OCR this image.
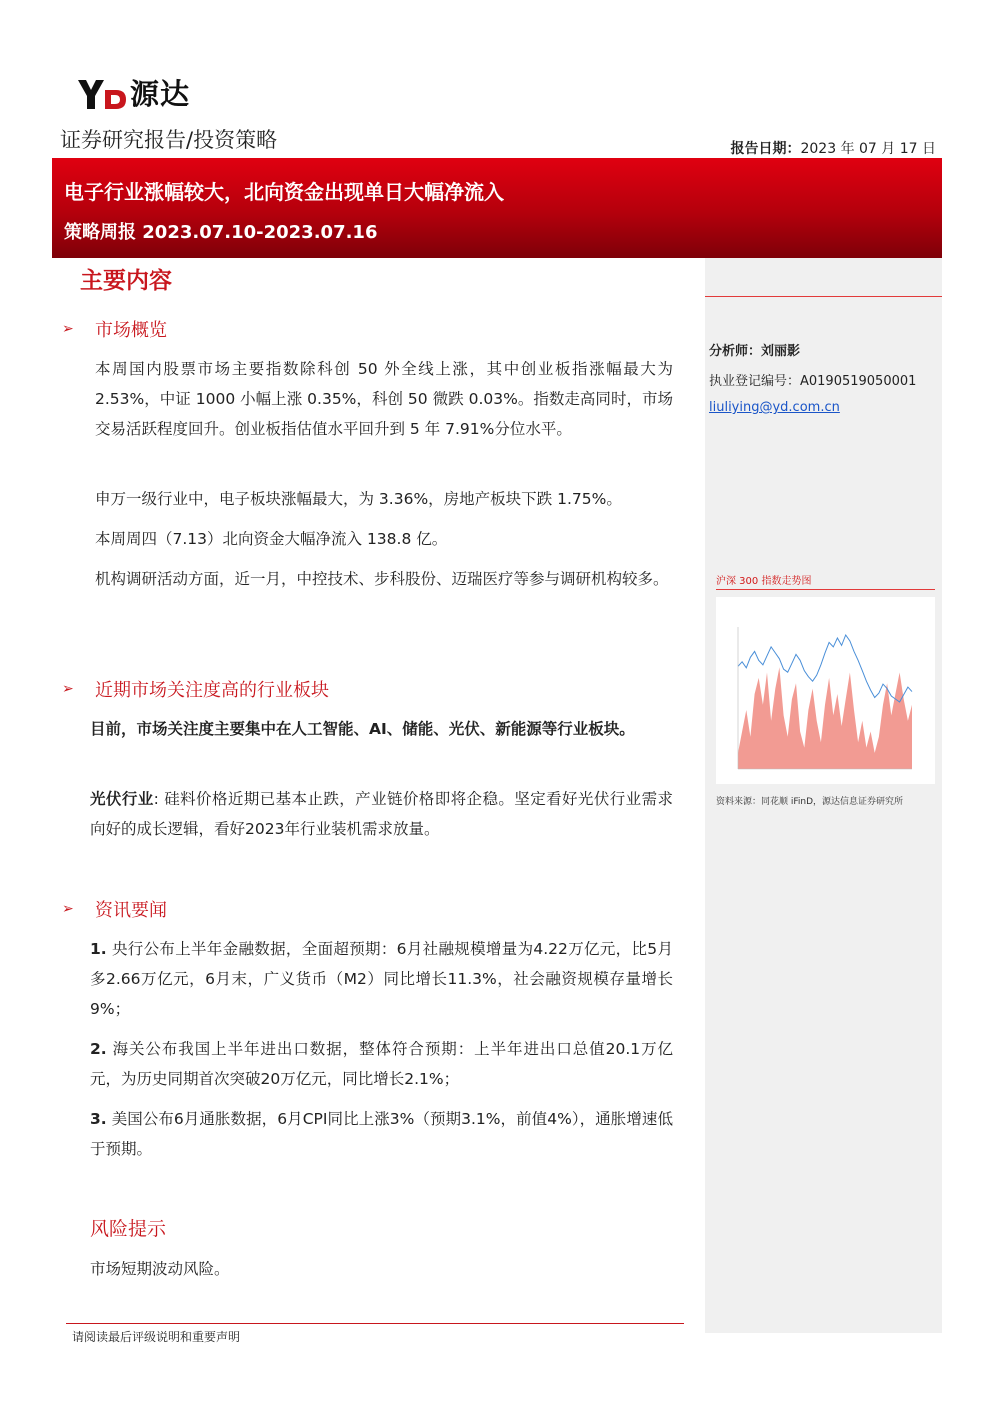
源达
证券研究报告/投资策略	报告日期：2023 年 07 月 17 日
电子行业涨幅较大，北向资金出现单日大幅净流入
策略周报 2023.07.10-2023.07.16
分析师：刘丽影
执业登记编号：A0190519050001
liuliying@yd.com.cn
沪深 300 指数走势图
资料来源：同花顺 iFinD，源达信息证券研究所
主要内容
➢	市场概览
本周国内股票市场主要指数除科创 50 外全线上涨，其中创业板指涨幅最大为 2.53%，中证 1000 小幅上涨 0.35%，科创 50 微跌 0.03%。指数走高同时，市场交易活跃程度回升。创业板指估值水平回升到 5 年 7.91%分位水平。
申万一级行业中，电子板块涨幅最大，为 3.36%，房地产板块下跌 1.75%。
本周周四（7.13）北向资金大幅净流入 138.8 亿。
机构调研活动方面，近一月，中控技术、步科股份、迈瑞医疗等参与调研机构较多。
➢	近期市场关注度高的行业板块
目前，市场关注度主要集中在人工智能、AI、储能、光伏、新能源等行业板块。
光伏行业: 硅料价格近期已基本止跌，产业链价格即将企稳。坚定看好光伏行业需求向好的成长逻辑，看好2023年行业装机需求放量。
➢	资讯要闻
1. 央行公布上半年金融数据，全面超预期：6月社融规模增量为4.22万亿元，比5月多2.66万亿元，6月末，广义货币（M2）同比增长11.3%，社会融资规模存量增长9%；
2. 海关公布我国上半年进出口数据，整体符合预期：上半年进出口总值20.1万亿元，为历史同期首次突破20万亿元，同比增长2.1%；
3. 美国公布6月通胀数据，6月CPI同比上涨3%（预期3.1%，前值4%），通胀增速低于预期。
风险提示
市场短期波动风险。
请阅读最后评级说明和重要声明
